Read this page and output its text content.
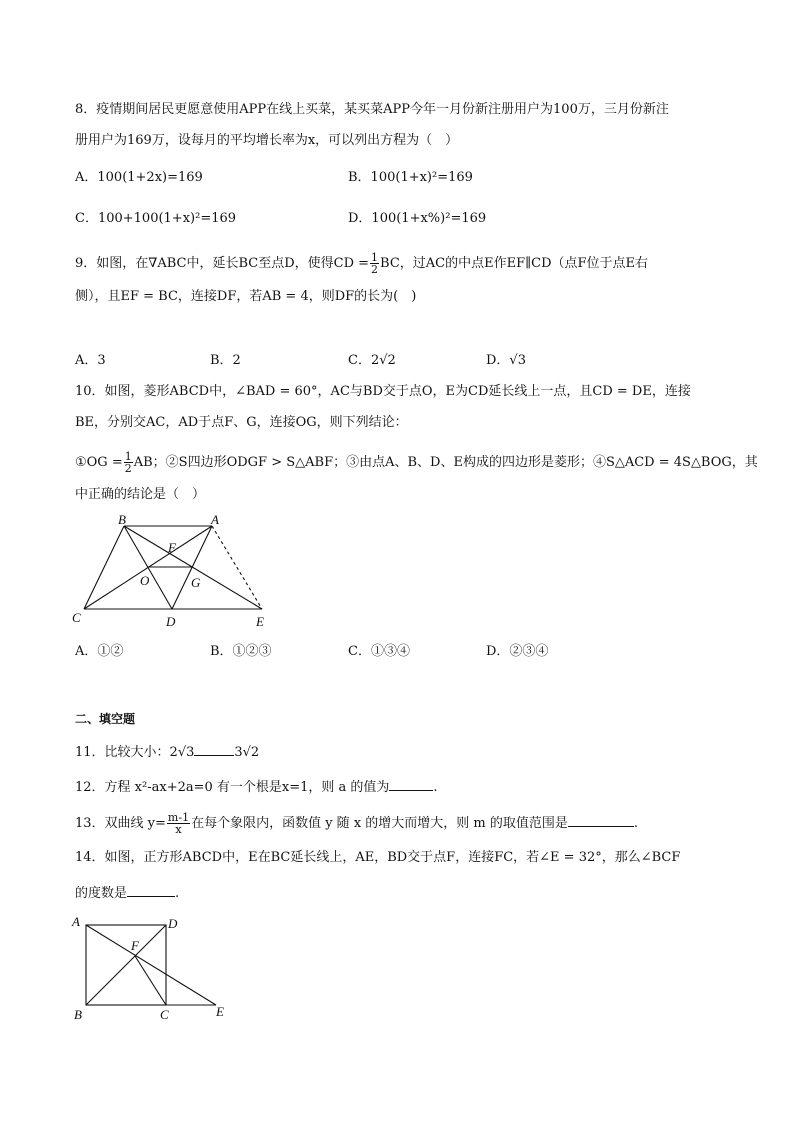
8．疫情期间居民更愿意使用APP在线上买菜，某买菜APP今年一月份新注册用户为100万，三月份新注
册用户为169万，设每月的平均增长率为x，可以列出方程为（　）
A．100(1+2x)=169	B．100(1+x)²=169
C．100+100(1+x)²=169	D．100(1+x%)²=169
9．如图，在∇ABC中，延长BC至点D，使得CD = $\frac{1}{2}$ BC，过AC的中点E作EF∥CD（点F位于点E右
侧），且EF = BC，连接DF，若AB = 4，则DF的长为(　)
A．3	B．2	C．2√2	D．√3
10．如图，菱形ABCD中，∠BAD = 60°，AC与BD交于点O，E为CD延长线上一点，且CD = DE，连接
BE，分别交AC，AD于点F、G，连接OG，则下列结论：
①OG = $\frac{1}{2}$ AB；②S四边形ODGF > S△ABF；③由点A、B、D、E构成的四边形是菱形；④S△ACD = 4S△BOG，其
中正确的结论是（　）
B	A
F
O	G
C	D	E
A．①②	B．①②③	C．①③④	D．②③④
二、填空题
11．比较大小：2√3	3√2
12．方程 x²-ax+2a=0 有一个根是x=1，则 a 的值为	.
13．双曲线 $y= \frac{m-1}{x}$ 在每个象限内，函数值 y 随 x 的增大而增大，则 m 的取值范围是	.
14．如图，正方形ABCD中，E在BC延长线上，AE，BD交于点F，连接FC，若∠E = 32°，那么∠BCF
的度数是	.
A	D
F
B	C	E
